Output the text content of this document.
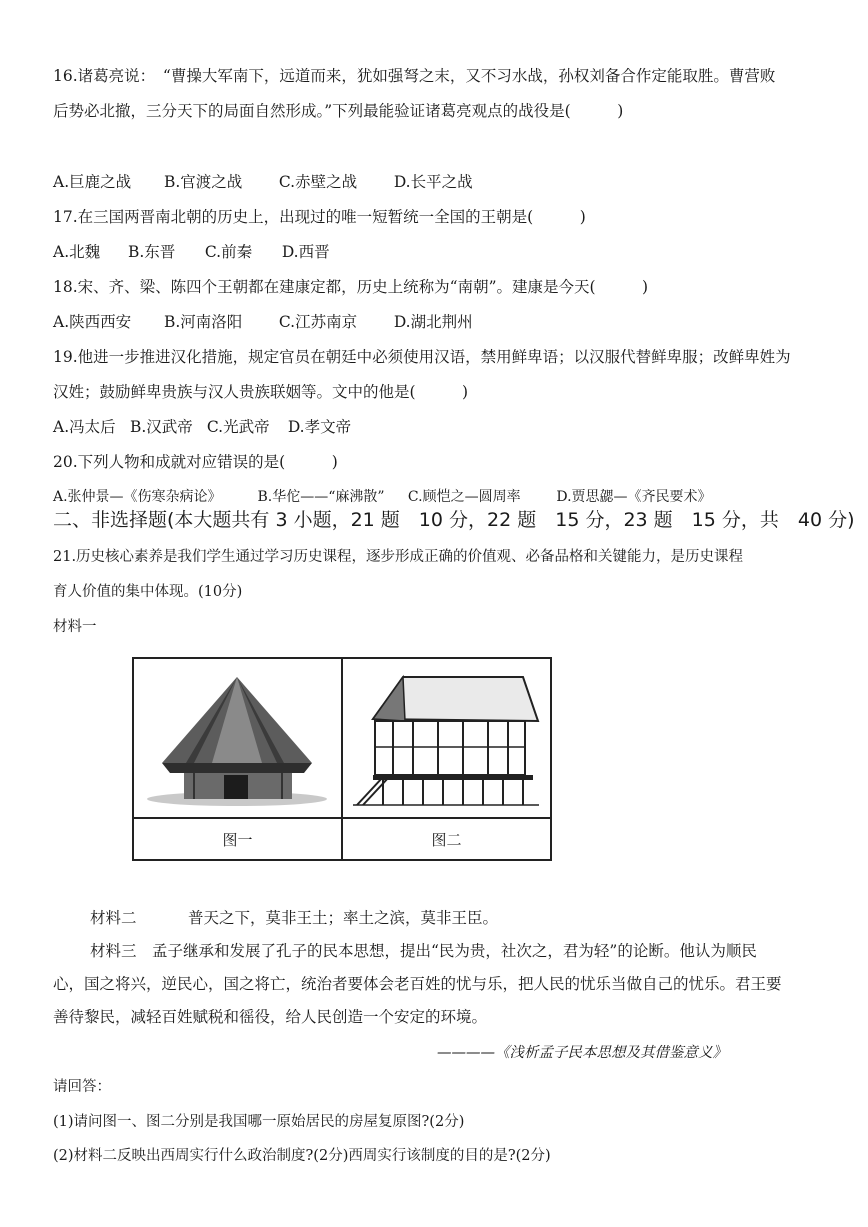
16.诸葛亮说：　“曹操大军南下，远道而来，犹如强弩之末，又不习水战，孙权刘备合作定能取胜。曹营败
后势必北撤，三分天下的局面自然形成。”下列最能验证诸葛亮观点的战役是(　　　)
A.巨鹿之战 B.官渡之战 C.赤壁之战 D.长平之战
17.在三国两晋南北朝的历史上，出现过的唯一短暂统一全国的王朝是(　　　)
A.北魏 B.东晋 C.前秦 D.西晋
18.宋、齐、梁、陈四个王朝都在建康定都，历史上统称为“南朝”。建康是今天(　　　)
A.陕西西安 B.河南洛阳 C.江苏南京 D.湖北荆州
19.他进一步推进汉化措施，规定官员在朝廷中必须使用汉语，禁用鲜卑语；以汉服代替鲜卑服；改鲜卑姓为
汉姓；鼓励鲜卑贵族与汉人贵族联姻等。文中的他是(　　　)
A.冯太后 B.汉武帝 C.光武帝 D.孝文帝
20.下列人物和成就对应错误的是(　　　)
A.张仲景—《伤寒杂病论》	B.华佗——“麻沸散” C.顾恺之—圆周率	D.贾思勰—《齐民要术》
二、非选择题(本大题共有 3 小题，21 题　10 分，22 题　15 分，23 题　15 分，共　40 分)
21.历史核心素养是我们学生通过学习历史课程，逐步形成正确的价值观、必备品格和关键能力，是历史课程
育人价值的集中体现。(10分)
材料一
图一	图二
材料二	普天之下，莫非王土；率土之滨，莫非王臣。
材料三　孟子继承和发展了孔子的民本思想，提出“民为贵，社次之，君为轻”的论断。他认为顺民
心，国之将兴，逆民心，国之将亡，统治者要体会老百姓的忧与乐，把人民的忧乐当做自己的忧乐。君王要
善待黎民，减轻百姓赋税和徭役，给人民创造一个安定的环境。
————《浅析孟子民本思想及其借鉴意义》
请回答：
(1)请问图一、图二分别是我国哪一原始居民的房屋复原图?(2分)
(2)材料二反映出西周实行什么政治制度?(2分)西周实行该制度的目的是?(2分)
